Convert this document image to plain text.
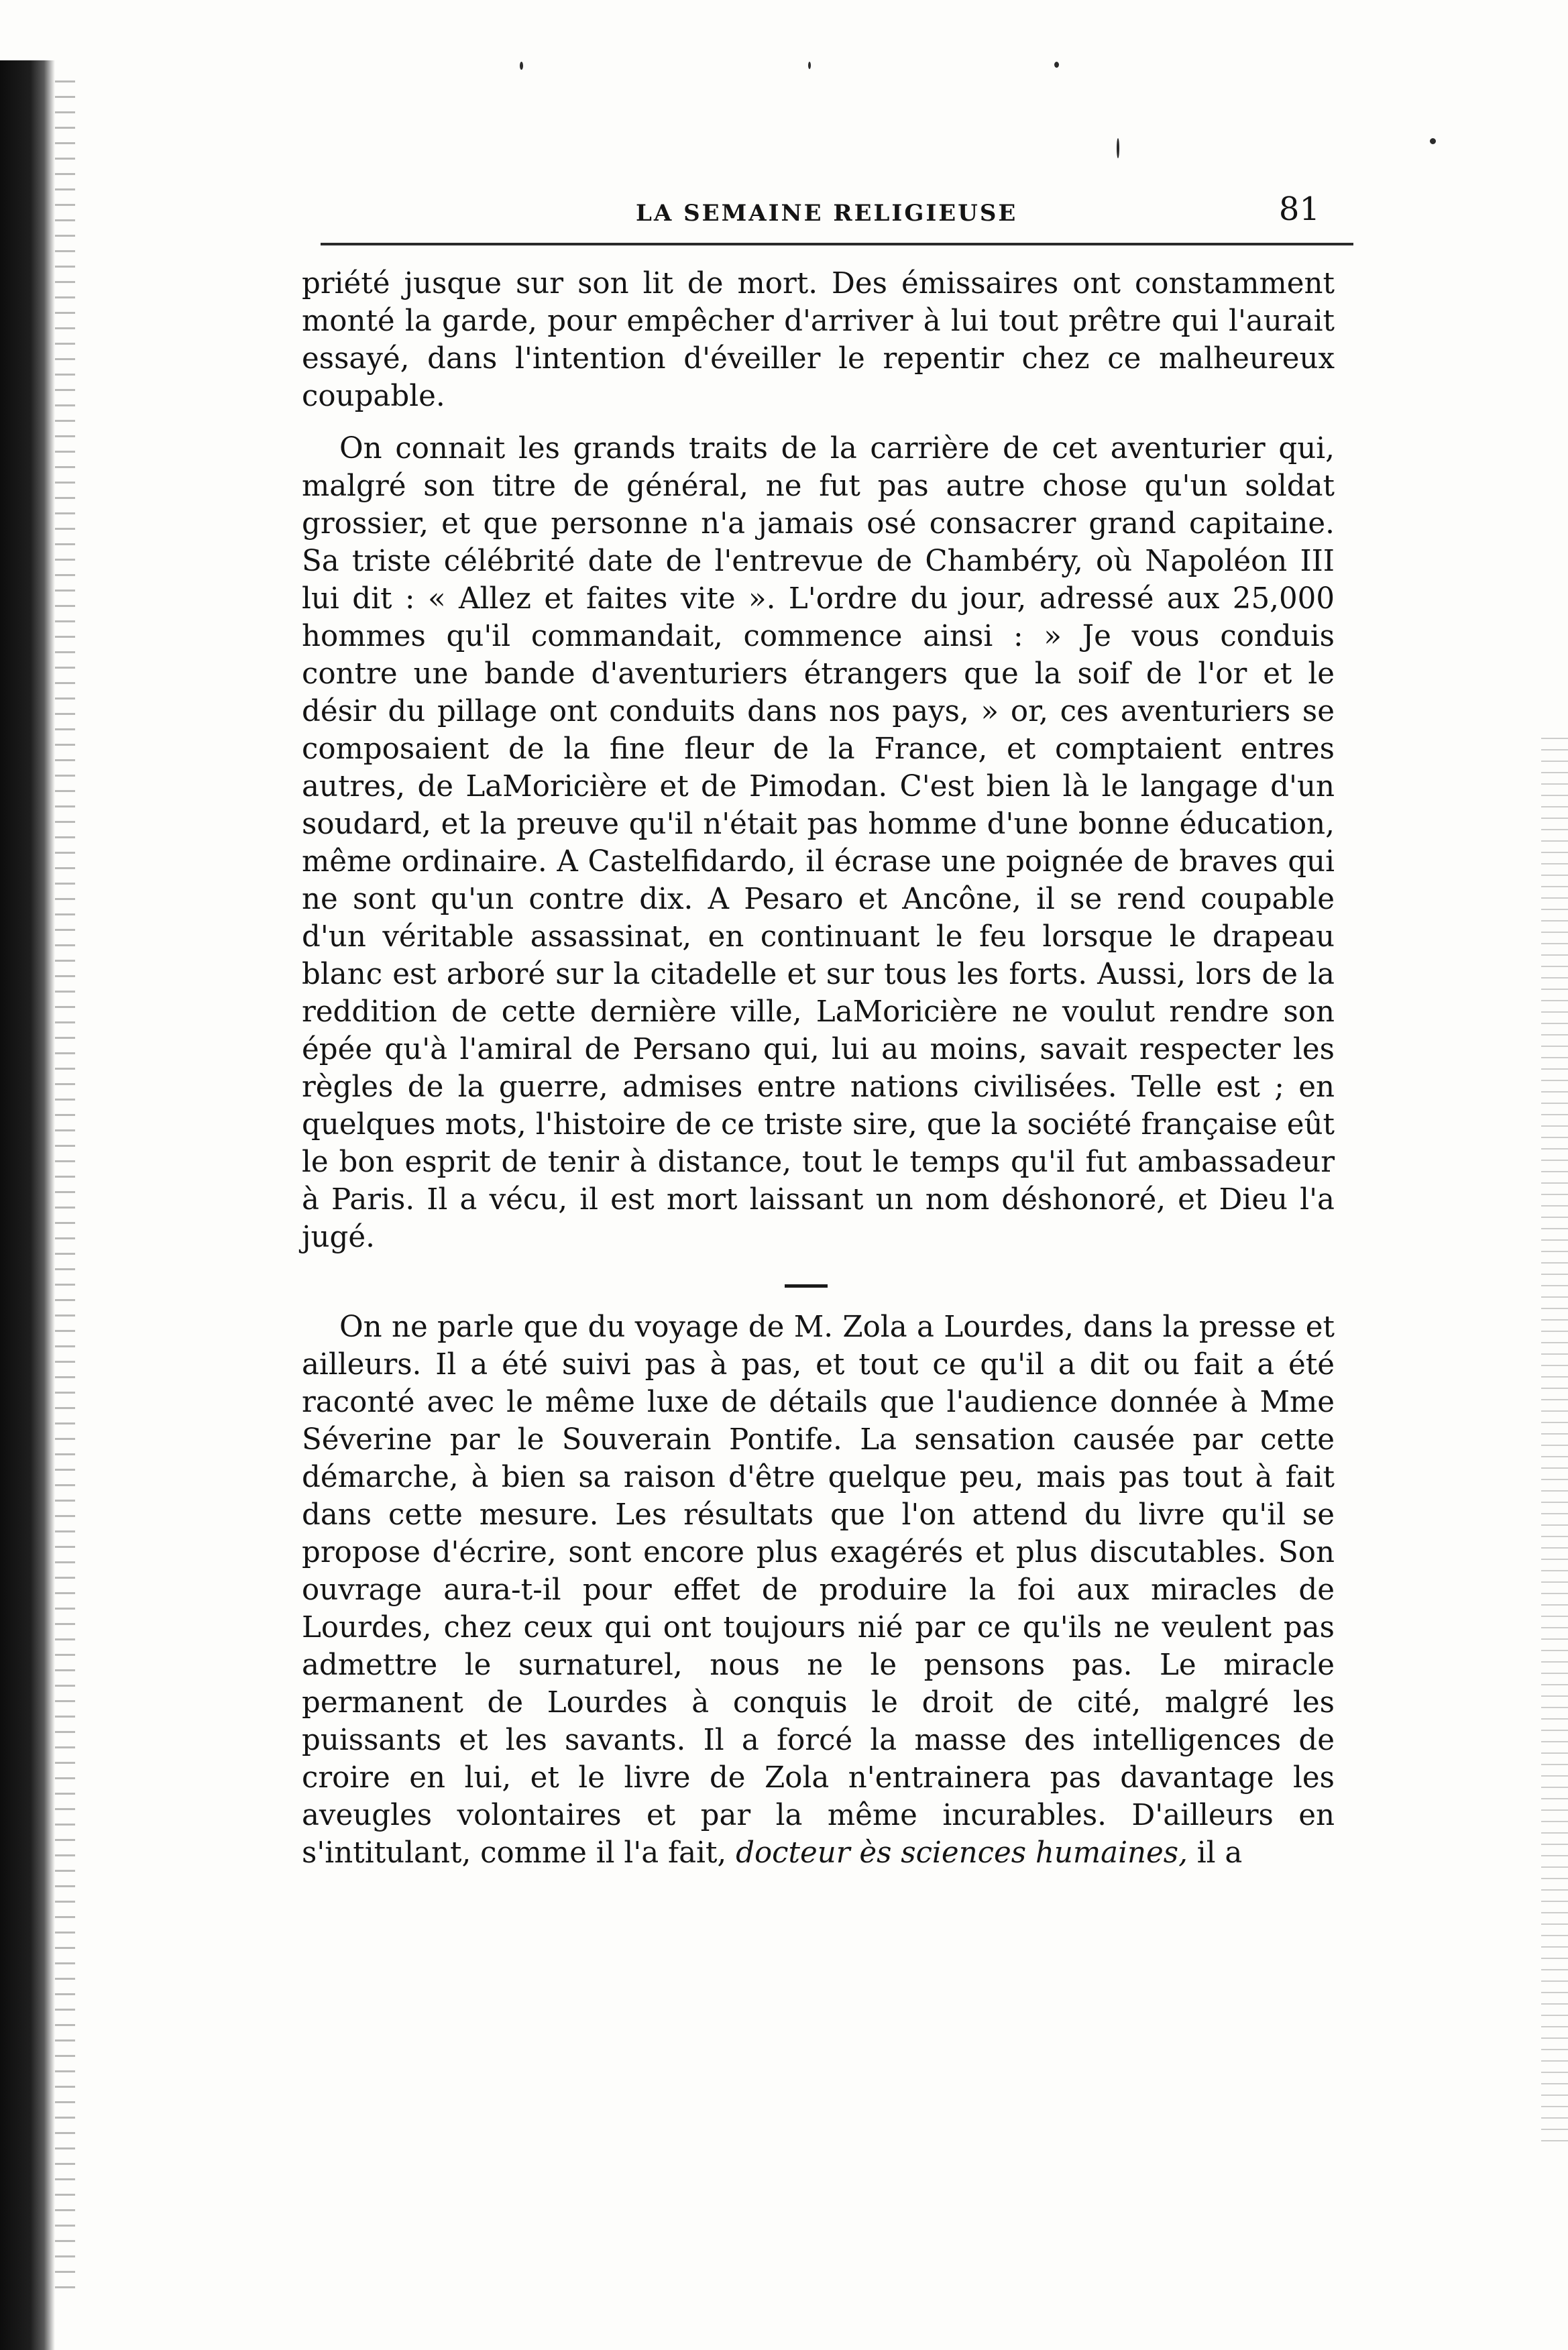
LA SEMAINE RELIGIEUSE	81

priété jusque sur son lit de mort. Des émissaires ont constamment monté la garde, pour empêcher d'arriver à lui tout prêtre qui l'aurait essayé, dans l'intention d'éveiller le repentir chez ce malheureux coupable.

On connait les grands traits de la carrière de cet aventurier qui, malgré son titre de général, ne fut pas autre chose qu'un soldat grossier, et que personne n'a jamais osé consacrer grand capitaine. Sa triste célébrité date de l'entrevue de Chambéry, où Napoléon III lui dit : « Allez et faites vite ». L'ordre du jour, adressé aux 25,000 hommes qu'il commandait, commence ainsi : » Je vous conduis contre une bande d'aventuriers étrangers que la soif de l'or et le désir du pillage ont conduits dans nos pays, » or, ces aventuriers se composaient de la fine fleur de la France, et comptaient entres autres, de LaMoricière et de Pimodan. C'est bien là le langage d'un soudard, et la preuve qu'il n'était pas homme d'une bonne éducation, même ordinaire. A Castelfidardo, il écrase une poignée de braves qui ne sont qu'un contre dix. A Pesaro et Ancône, il se rend coupable d'un véritable assassinat, en continuant le feu lorsque le drapeau blanc est arboré sur la citadelle et sur tous les forts. Aussi, lors de la reddition de cette dernière ville, LaMoricière ne voulut rendre son épée qu'à l'amiral de Persano qui, lui au moins, savait respecter les règles de la guerre, admises entre nations civilisées. Telle est ; en quelques mots, l'histoire de ce triste sire, que la société française eût le bon esprit de tenir à distance, tout le temps qu'il fut ambassadeur à Paris. Il a vécu, il est mort laissant un nom déshonoré, et Dieu l'a jugé.

On ne parle que du voyage de M. Zola a Lourdes, dans la presse et ailleurs. Il a été suivi pas à pas, et tout ce qu'il a dit ou fait a été raconté avec le même luxe de détails que l'audience donnée à Mme Séverine par le Souverain Pontife. La sensation causée par cette démarche, à bien sa raison d'être quelque peu, mais pas tout à fait dans cette mesure. Les résultats que l'on attend du livre qu'il se propose d'écrire, sont encore plus exagérés et plus discutables. Son ouvrage aura-t-il pour effet de produire la foi aux miracles de Lourdes, chez ceux qui ont toujours nié par ce qu'ils ne veulent pas admettre le surnaturel, nous ne le pensons pas. Le miracle permanent de Lourdes à conquis le droit de cité, malgré les puissants et les savants. Il a forcé la masse des intelligences de croire en lui, et le livre de Zola n'entrainera pas davantage les aveugles volontaires et par la même incurables. D'ailleurs en s'intitulant, comme il l'a fait, docteur ès sciences humaines, il a
